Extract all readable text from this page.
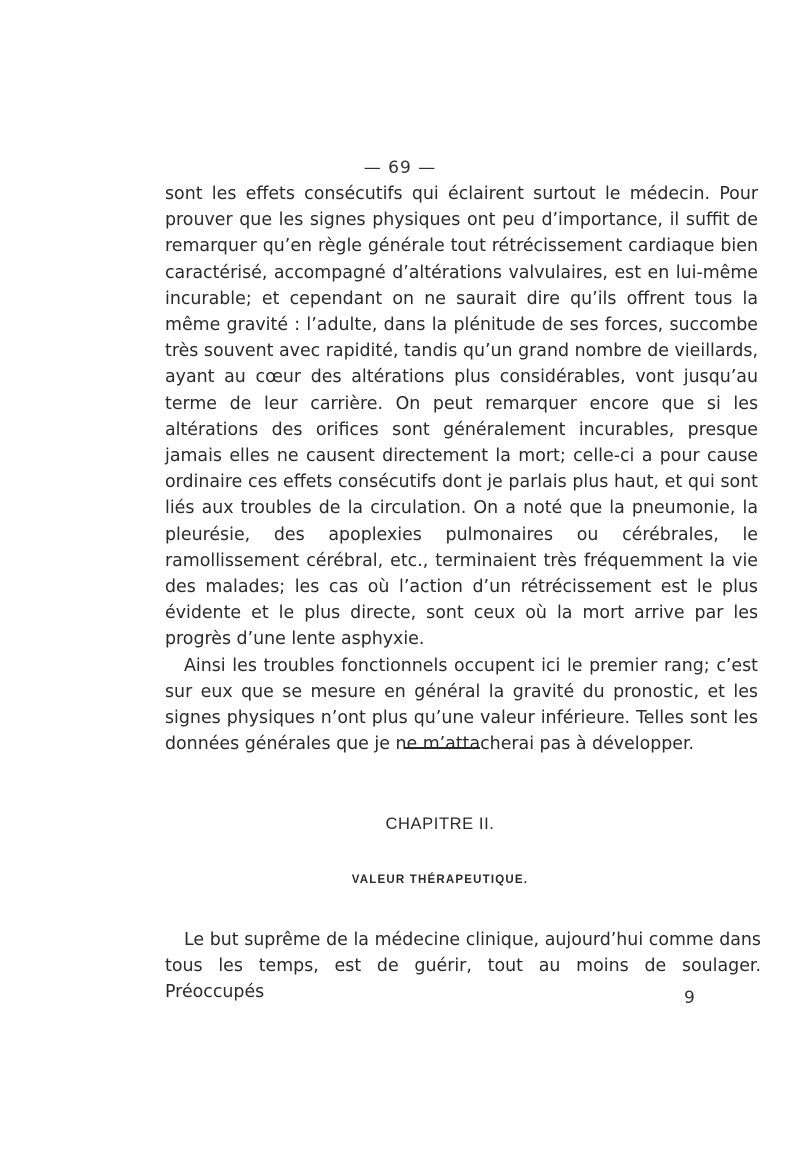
— 69 —

sont les effets consécutifs qui éclairent surtout le médecin. Pour prouver que les signes physiques ont peu d’importance, il suffit de remarquer qu’en règle générale tout rétrécissement cardiaque bien caractérisé, accompagné d’altérations valvulaires, est en lui-même incurable; et cependant on ne saurait dire qu’ils offrent tous la même gravité : l’adulte, dans la plénitude de ses forces, succombe très souvent avec rapidité, tandis qu’un grand nombre de vieillards, ayant au cœur des altérations plus considérables, vont jusqu’au terme de leur carrière. On peut remarquer encore que si les altérations des orifices sont généralement incurables, presque jamais elles ne causent directement la mort; celle-ci a pour cause ordinaire ces effets consécutifs dont je parlais plus haut, et qui sont liés aux troubles de la circulation. On a noté que la pneumonie, la pleurésie, des apoplexies pulmonaires ou cérébrales, le ramollissement cérébral, etc., terminaient très fréquemment la vie des malades; les cas où l’action d’un rétrécissement est le plus évidente et le plus directe, sont ceux où la mort arrive par les progrès d’une lente asphyxie.

Ainsi les troubles fonctionnels occupent ici le premier rang; c’est sur eux que se mesure en général la gravité du pronostic, et les signes physiques n’ont plus qu’une valeur inférieure. Telles sont les données générales que je ne m’attacherai pas à développer.

CHAPITRE II.
VALEUR THÉRAPEUTIQUE.

Le but suprême de la médecine clinique, aujourd’hui comme dans tous les temps, est de guérir, tout au moins de soulager. Préoccupés	9
